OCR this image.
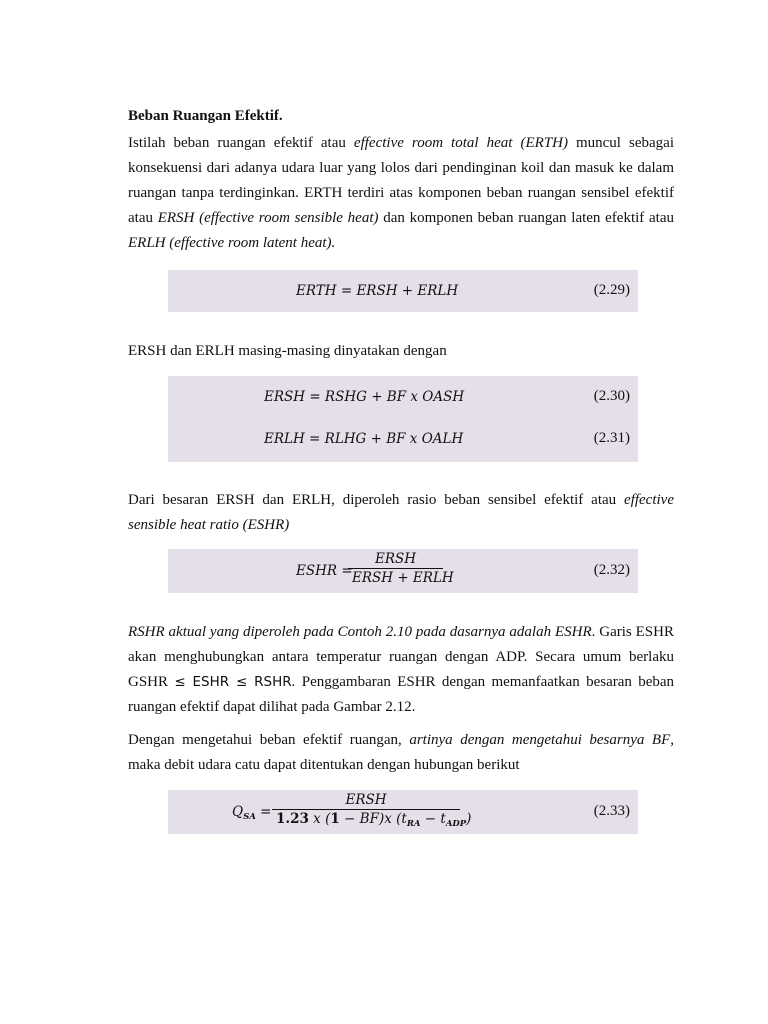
Beban Ruangan Efektif.
Istilah beban ruangan efektif atau effective room total heat (ERTH) muncul sebagai konsekuensi dari adanya udara luar yang lolos dari pendinginan koil dan masuk ke dalam ruangan tanpa terdinginkan. ERTH terdiri atas komponen beban ruangan sensibel efektif atau ERSH (effective room sensible heat) dan komponen beban ruangan laten efektif atau ERLH (effective room latent heat).
ERTH = ERSH + ERLH	(2.29)
ERSH dan ERLH masing-masing dinyatakan dengan
ERSH = RSHG + BF x OASH	(2.30)
ERLH = RLHG + BF x OALH	(2.31)
Dari besaran ERSH dan ERLH, diperoleh rasio beban sensibel efektif atau effective sensible heat ratio (ESHR)
ESHR =
ERSH
ERSH + ERLH	(2.32)
RSHR aktual yang diperoleh pada Contoh 2.10 pada dasarnya adalah ESHR. Garis ESHR akan menghubungkan antara temperatur ruangan dengan ADP. Secara umum berlaku GSHR ≤ ESHR ≤ RSHR. Penggambaran ESHR dengan memanfaatkan besaran beban ruangan efektif dapat dilihat pada Gambar 2.12.
Dengan mengetahui beban efektif ruangan, artinya dengan mengetahui besarnya BF, maka debit udara catu dapat ditentukan dengan hubungan berikut
$Q_{SA}$ =
ERSH
1.23 x (1 − BF)x $(t_{RA} - t_{ADP})$	(2.33)
